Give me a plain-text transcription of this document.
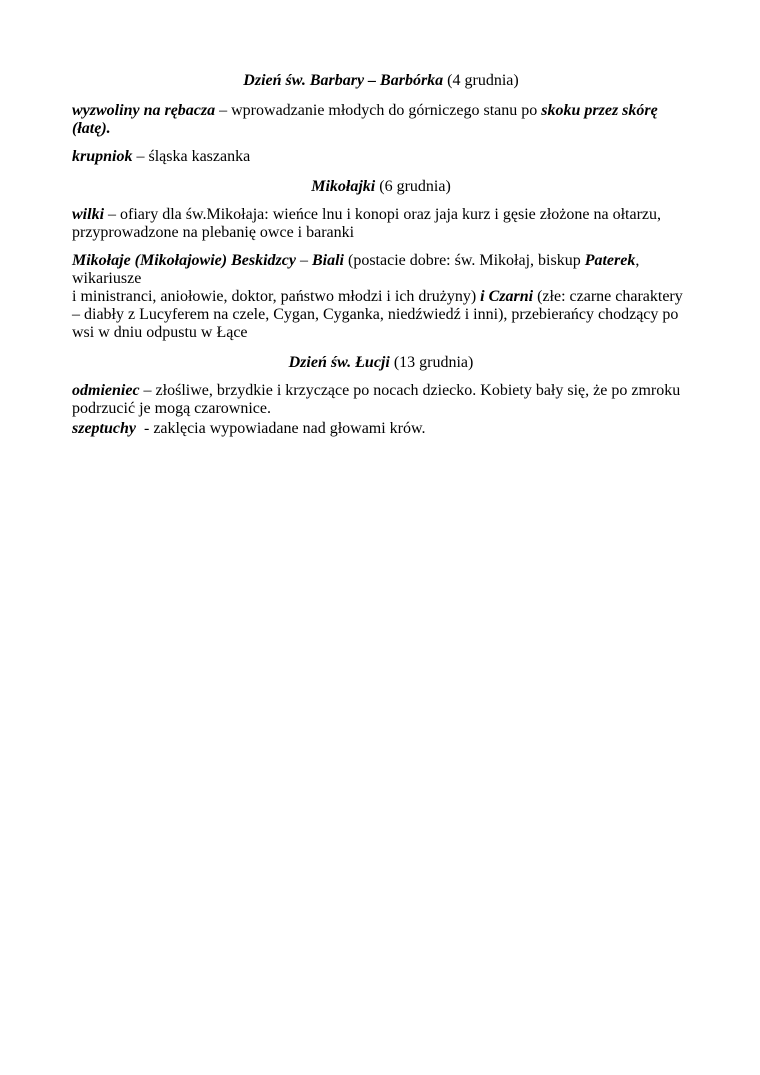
Dzień św. Barbary – Barbórka (4 grudnia)

wyzwoliny na rębacza – wprowadzanie młodych do górniczego stanu po skoku przez skórę (łatę).

krupniok – śląska kaszanka

Mikołajki (6 grudnia)

wilki – ofiary dla św.Mikołaja: wieńce lnu i konopi oraz jaja kurz i gęsie złożone na ołtarzu, przyprowadzone na plebanię owce i baranki

Mikołaje (Mikołajowie) Beskidzcy – Biali (postacie dobre: św. Mikołaj, biskup Paterek, wikariusze
i ministranci, aniołowie, doktor, państwo młodzi i ich drużyny) i Czarni (złe: czarne charaktery – diabły z Lucyferem na czele, Cygan, Cyganka, niedźwiedź i inni), przebierańcy chodzący po wsi w dniu odpustu w Łące

Dzień św. Łucji (13 grudnia)

odmieniec – złośliwe, brzydkie i krzyczące po nocach dziecko. Kobiety bały się, że po zmroku podrzucić je mogą czarownice.

szeptuchy  - zaklęcia wypowiadane nad głowami krów.
